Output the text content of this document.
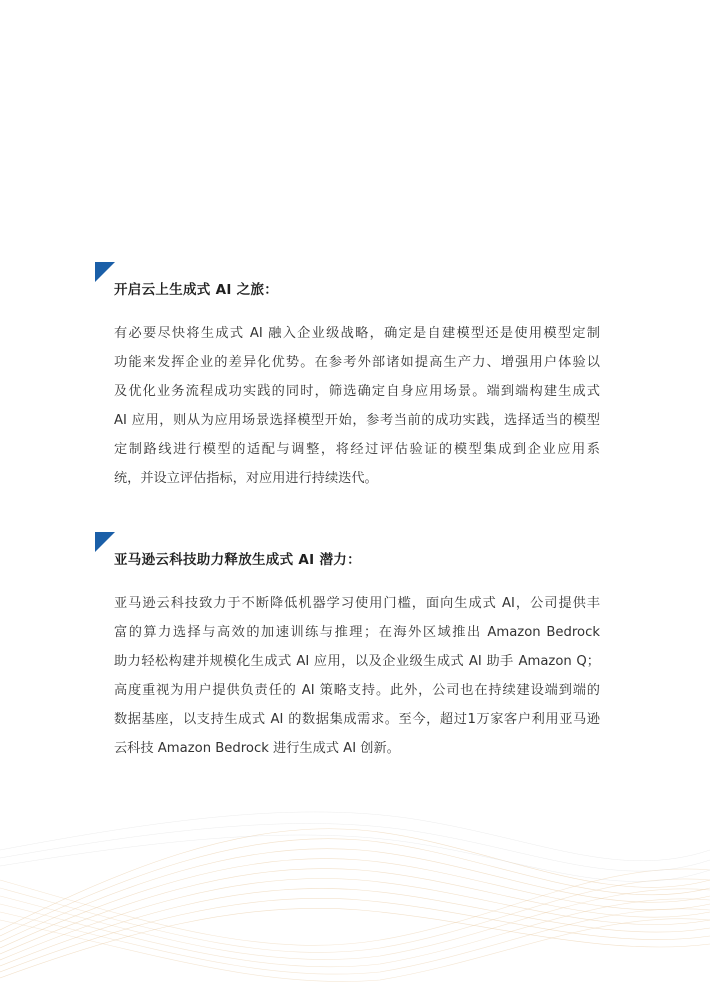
开启云上生成式 AI 之旅：

有必要尽快将生成式 AI 融入企业级战略，确定是自建模型还是使用模型定制
功能来发挥企业的差异化优势。在参考外部诸如提高生产力、增强用户体验以
及优化业务流程成功实践的同时，筛选确定自身应用场景。端到端构建生成式
AI 应用，则从为应用场景选择模型开始，参考当前的成功实践，选择适当的模型
定制路线进行模型的适配与调整，将经过评估验证的模型集成到企业应用系
统，并设立评估指标，对应用进行持续迭代。

亚马逊云科技助力释放生成式 AI 潜力：

亚马逊云科技致力于不断降低机器学习使用门槛，面向生成式 AI，公司提供丰
富的算力选择与高效的加速训练与推理；在海外区域推出 Amazon Bedrock
助力轻松构建并规模化生成式 AI 应用，以及企业级生成式 AI 助手 Amazon Q；
高度重视为用户提供负责任的 AI 策略支持。此外，公司也在持续建设端到端的
数据基座，以支持生成式 AI 的数据集成需求。至今，超过1万家客户利用亚马逊
云科技 Amazon Bedrock 进行生成式 AI 创新。
